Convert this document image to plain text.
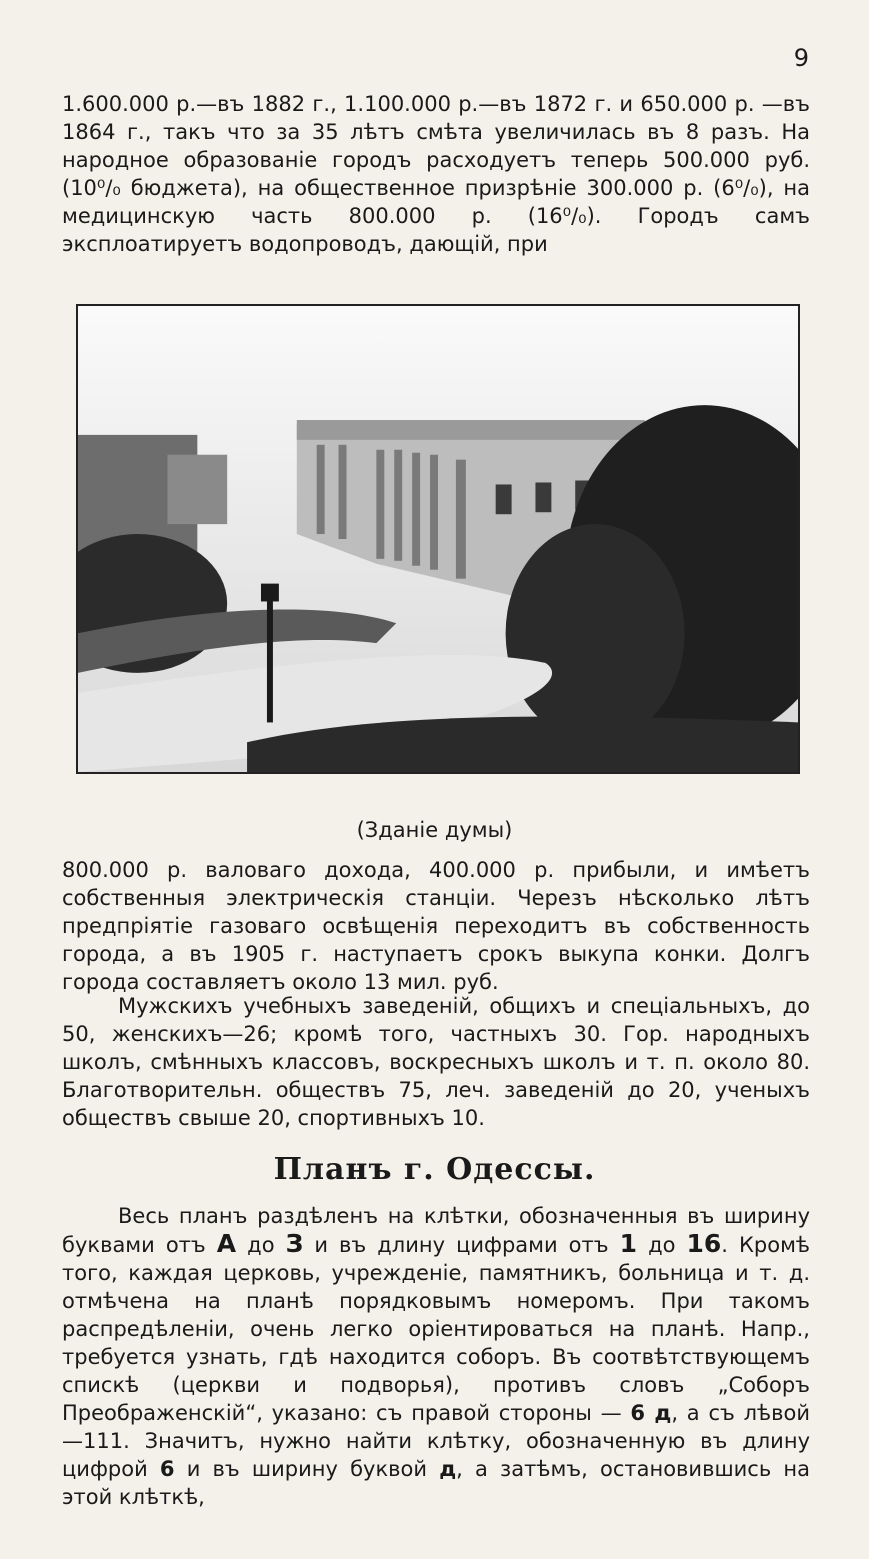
9

1.600.000 р.—въ 1882 г., 1.100.000 р.—въ 1872 г. и 650.000 р. —въ 1864 г., такъ что за 35 лѣтъ смѣта увеличилась въ 8 разъ. На народное образованіе городъ расходуетъ теперь 500.000 руб. (10⁰/₀ бюджета), на общественное призрѣніе 300.000 р. (6⁰/₀), на медицинскую часть 800.000 р. (16⁰/₀). Городъ самъ эксплоатируетъ водопроводъ, дающій, при

(Зданіе думы)

800.000 р. валоваго дохода, 400.000 р. прибыли, и имѣетъ собственныя электрическія станціи. Черезъ нѣсколько лѣтъ предпріятіе газоваго освѣщенія переходитъ въ собственность города, а въ 1905 г. наступаетъ срокъ выкупа конки. Долгъ города составляетъ около 13 мил. руб.

Мужскихъ учебныхъ заведеній, общихъ и спеціальныхъ, до 50, женскихъ—26; кромѣ того, частныхъ 30. Гор. народныхъ школъ, смѣнныхъ классовъ, воскресныхъ школъ и т. п. около 80. Благотворительн. обществъ 75, леч. заведеній до 20, ученыхъ обществъ свыше 20, спортивныхъ 10.

Планъ г. Одессы.

Весь планъ раздѣленъ на клѣтки, обозначенныя въ ширину буквами отъ А до З и въ длину цифрами отъ 1 до 16. Кромѣ того, каждая церковь, учрежденіе, памятникъ, больница и т. д. отмѣчена на планѣ порядковымъ номеромъ. При такомъ распредѣленіи, очень легко оріентироваться на планѣ. Напр., требуется узнать, гдѣ находится соборъ. Въ соотвѣтствующемъ спискѣ (церкви и подворья), противъ словъ „Соборъ Преображенскій“, указано: съ правой стороны — 6 д, а съ лѣвой—111. Значитъ, нужно найти клѣтку, обозначенную въ длину цифрой 6 и въ ширину буквой д, а затѣмъ, остановившись на этой клѣткѣ,
